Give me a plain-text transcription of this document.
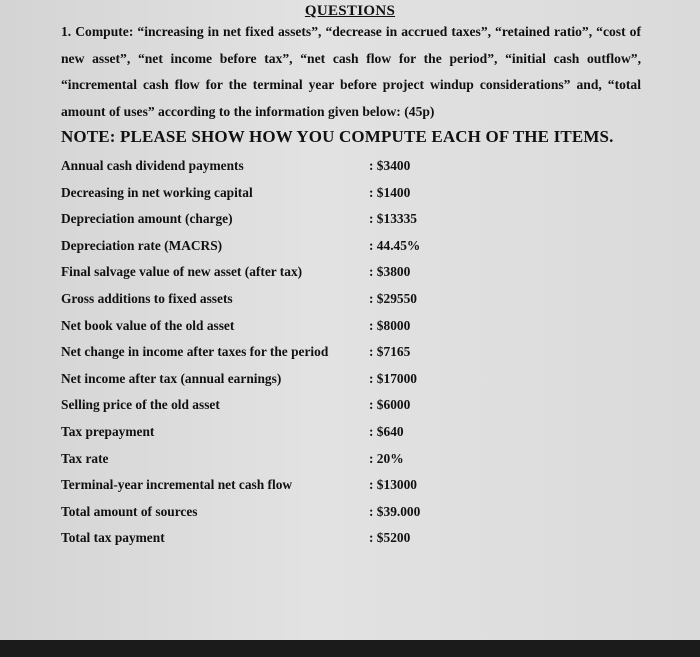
QUESTIONS
1. Compute: “increasing in net fixed assets”, “decrease in accrued taxes”, “retained ratio”, “cost of new asset”, “net income before tax”, “net cash flow for the period”, “initial cash outflow”, “incremental cash flow for the terminal year before project windup considerations” and, “total amount of uses” according to the information given below: (45p)
NOTE: PLEASE SHOW HOW YOU COMPUTE EACH OF THE ITEMS.
Annual cash dividend payments	: $3400
Decreasing in net working capital	: $1400
Depreciation amount (charge)	: $13335
Depreciation rate (MACRS)	: 44.45%
Final salvage value of new asset (after tax)	: $3800
Gross additions to fixed assets	: $29550
Net book value of the old asset	: $8000
Net change in income after taxes for the period	: $7165
Net income after tax (annual earnings)	: $17000
Selling price of the old asset	: $6000
Tax prepayment	: $640
Tax rate	: 20%
Terminal-year incremental net cash flow	: $13000
Total amount of sources	: $39.000
Total tax payment	: $5200
